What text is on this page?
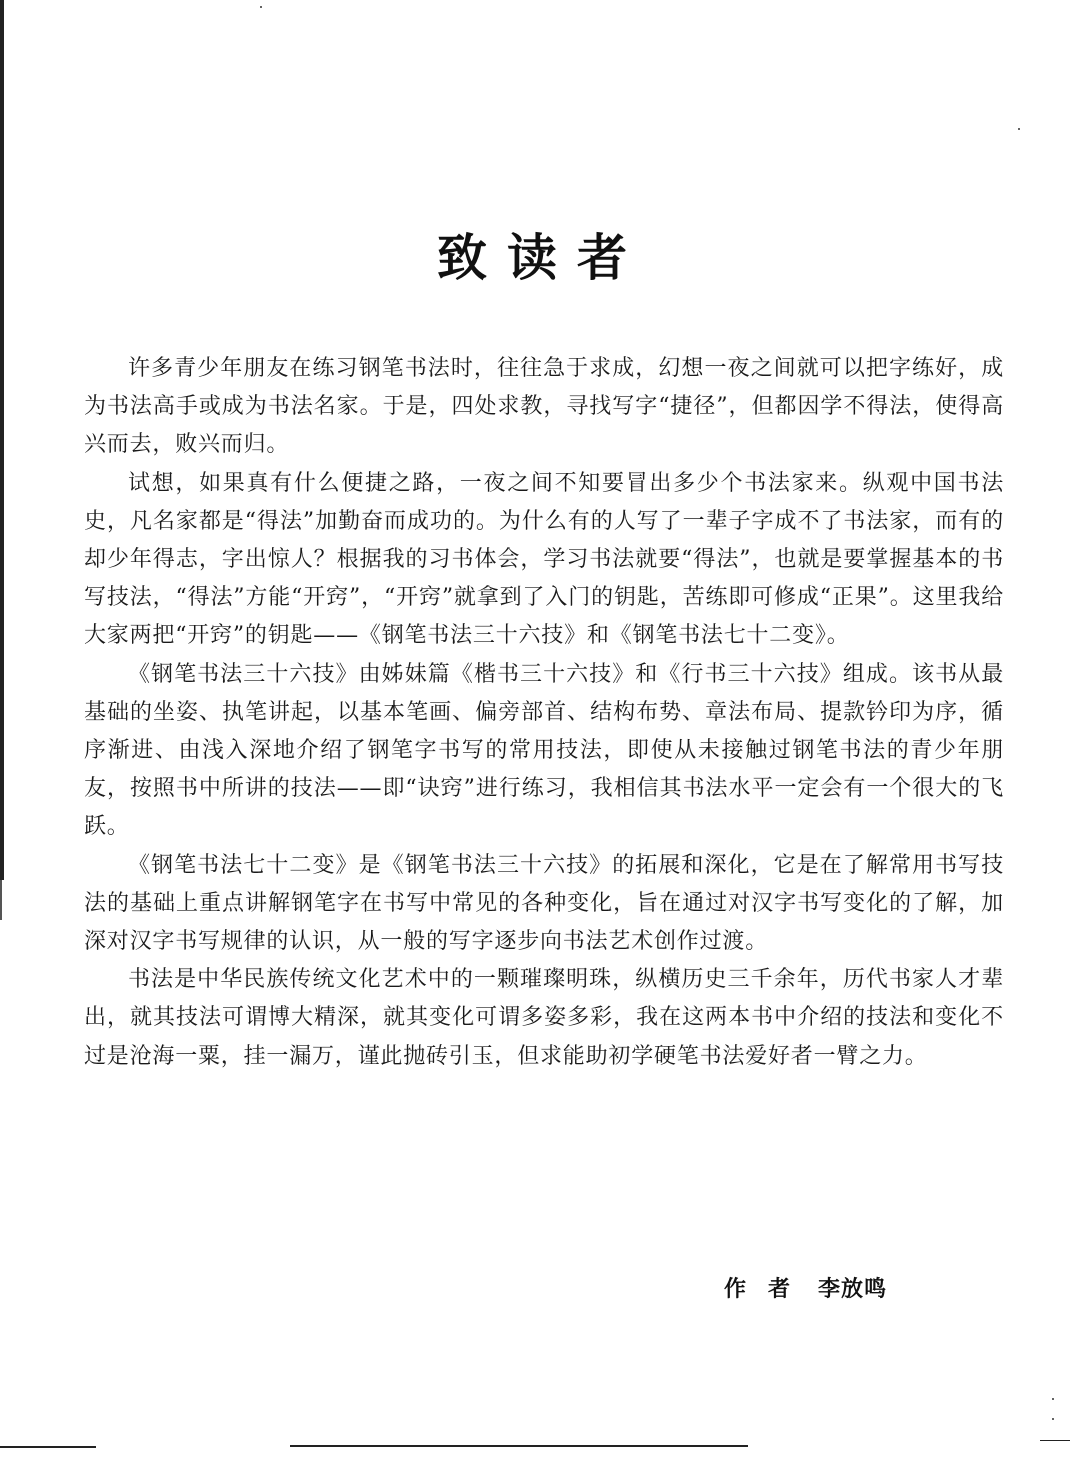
致读者

许多青少年朋友在练习钢笔书法时，往往急于求成，幻想一夜之间就可以把字练好，成为书法高手或成为书法名家。于是，四处求教，寻找写字“捷径”，但都因学不得法，使得高兴而去，败兴而归。

试想，如果真有什么便捷之路，一夜之间不知要冒出多少个书法家来。纵观中国书法史，凡名家都是“得法”加勤奋而成功的。为什么有的人写了一辈子字成不了书法家，而有的却少年得志，字出惊人？根据我的习书体会，学习书法就要“得法”，也就是要掌握基本的书写技法，“得法”方能“开窍”，“开窍”就拿到了入门的钥匙，苦练即可修成“正果”。这里我给大家两把“开窍”的钥匙——《钢笔书法三十六技》和《钢笔书法七十二变》。

《钢笔书法三十六技》由姊妹篇《楷书三十六技》和《行书三十六技》组成。该书从最基础的坐姿、执笔讲起，以基本笔画、偏旁部首、结构布势、章法布局、提款钤印为序，循序渐进、由浅入深地介绍了钢笔字书写的常用技法，即使从未接触过钢笔书法的青少年朋友，按照书中所讲的技法——即“诀窍”进行练习，我相信其书法水平一定会有一个很大的飞跃。

《钢笔书法七十二变》是《钢笔书法三十六技》的拓展和深化，它是在了解常用书写技法的基础上重点讲解钢笔字在书写中常见的各种变化，旨在通过对汉字书写变化的了解，加深对汉字书写规律的认识，从一般的写字逐步向书法艺术创作过渡。

书法是中华民族传统文化艺术中的一颗璀璨明珠，纵横历史三千余年，历代书家人才辈出，就其技法可谓博大精深，就其变化可谓多姿多彩，我在这两本书中介绍的技法和变化不过是沧海一粟，挂一漏万，谨此抛砖引玉，但求能助初学硬笔书法爱好者一臂之力。

作者 李放鸣
